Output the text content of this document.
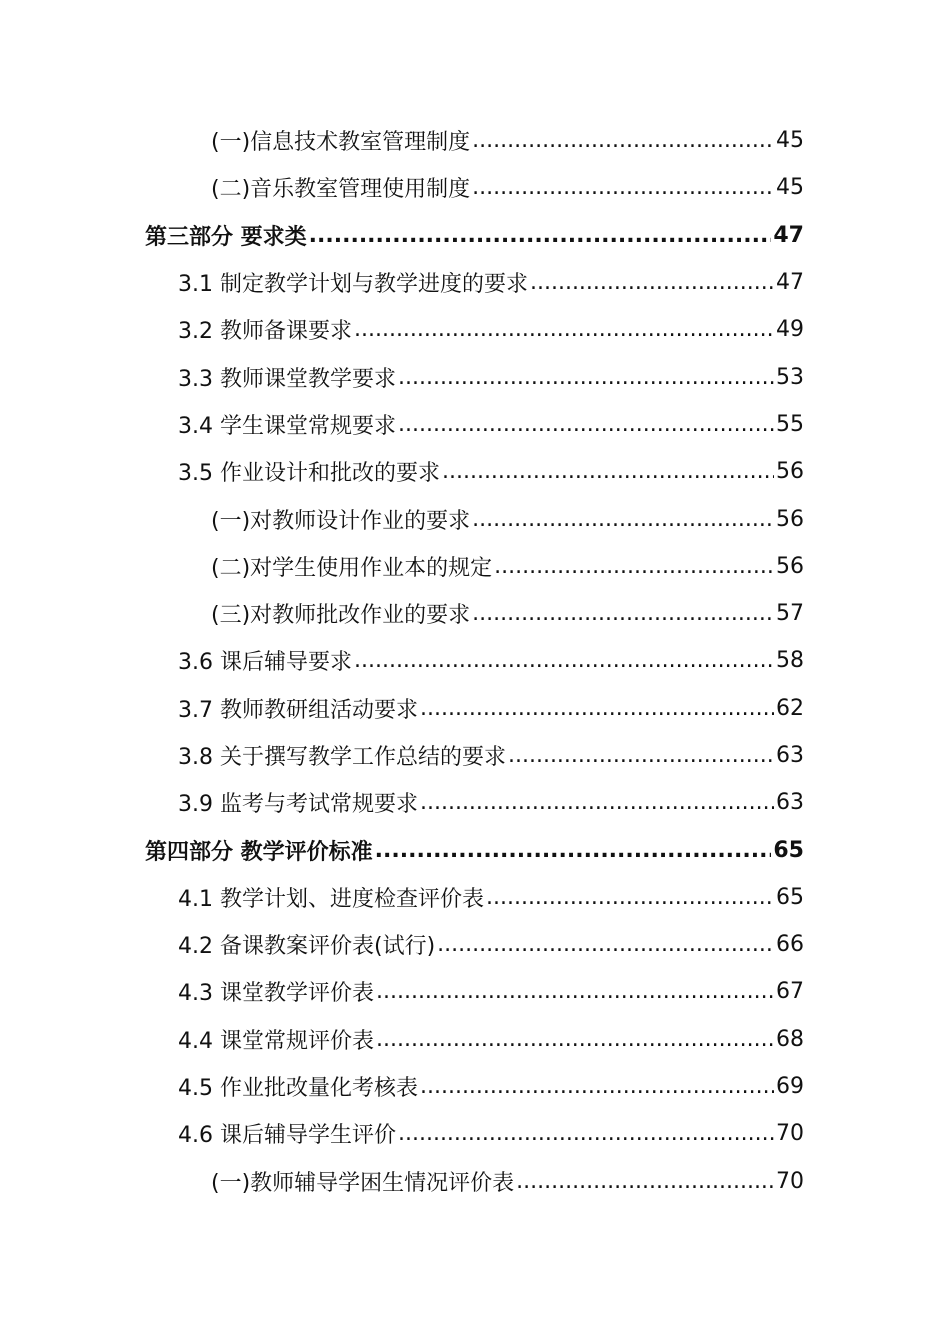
(一)信息技术教室管理制度 .....	45
(二)音乐教室管理使用制度 .....	45
第三部分 要求类 .....	47
3.1 制定教学计划与教学进度的要求 .....	47
3.2 教师备课要求 .....	49
3.3 教师课堂教学要求 .....	53
3.4 学生课堂常规要求 .....	55
3.5 作业设计和批改的要求 .....	56
(一)对教师设计作业的要求 .....	56
(二)对学生使用作业本的规定 .....	56
(三)对教师批改作业的要求 .....	57
3.6 课后辅导要求 .....	58
3.7 教师教研组活动要求 .....	62
3.8 关于撰写教学工作总结的要求 .....	63
3.9 监考与考试常规要求 .....	63
第四部分 教学评价标准 .....	65
4.1 教学计划、进度检查评价表 .....	65
4.2 备课教案评价表(试行) .....	66
4.3 课堂教学评价表 .....	67
4.4 课堂常规评价表 .....	68
4.5 作业批改量化考核表 .....	69
4.6 课后辅导学生评价 .....	70
(一)教师辅导学困生情况评价表 .....	70
